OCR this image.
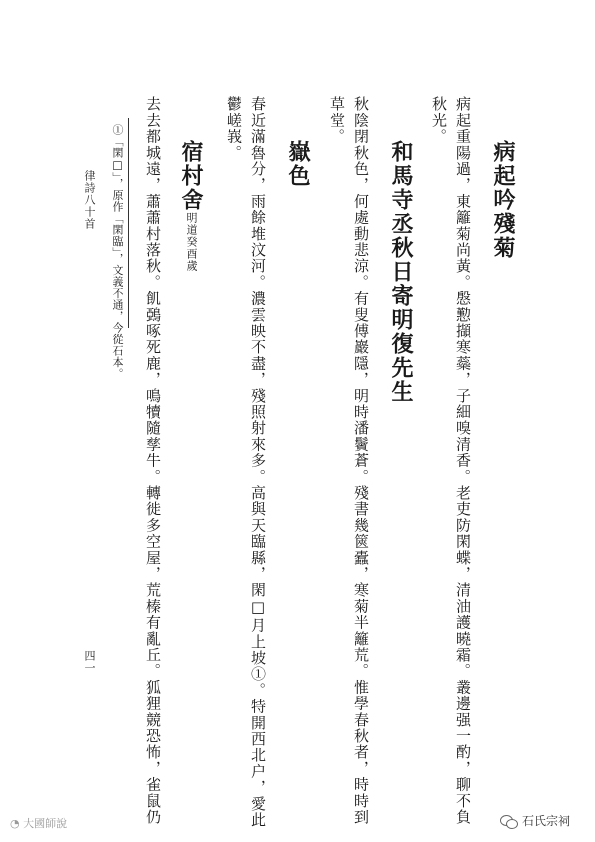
病起吟殘菊
病起重陽過，東籬菊尚黃。慇懃擷寒蘂，子細嗅清香。老吏防閑蝶，清油護曉霜。叢邊强一酌，聊不負
秋光。
和馬寺丞秋日寄明復先生
秋陰閉秋色，何處動悲涼。有叟傅巖隱，明時潘鬢蒼。殘書幾篋蠹，寒菊半籬荒。惟學春秋者，時時到
草堂。
嶽色
春近滿魯分，雨餘堆汶河。濃雲映不盡，殘照射來多。高與天臨縣，閑□月上坡①。特開西北户，愛此
鬱嵯峩。
宿村舍明道癸酉歲
去去都城遠，蕭蕭村落秋。飢鵶啄死鹿，鳴犢隨孳牛。轉徙多空屋，荒榛有亂丘。狐狸競恐怖，雀鼠仍
①「閑□」，原作「閑臨」，文義不通，今從石本。
律詩八十首
四一
◔ 大國師說	石氏宗祠
